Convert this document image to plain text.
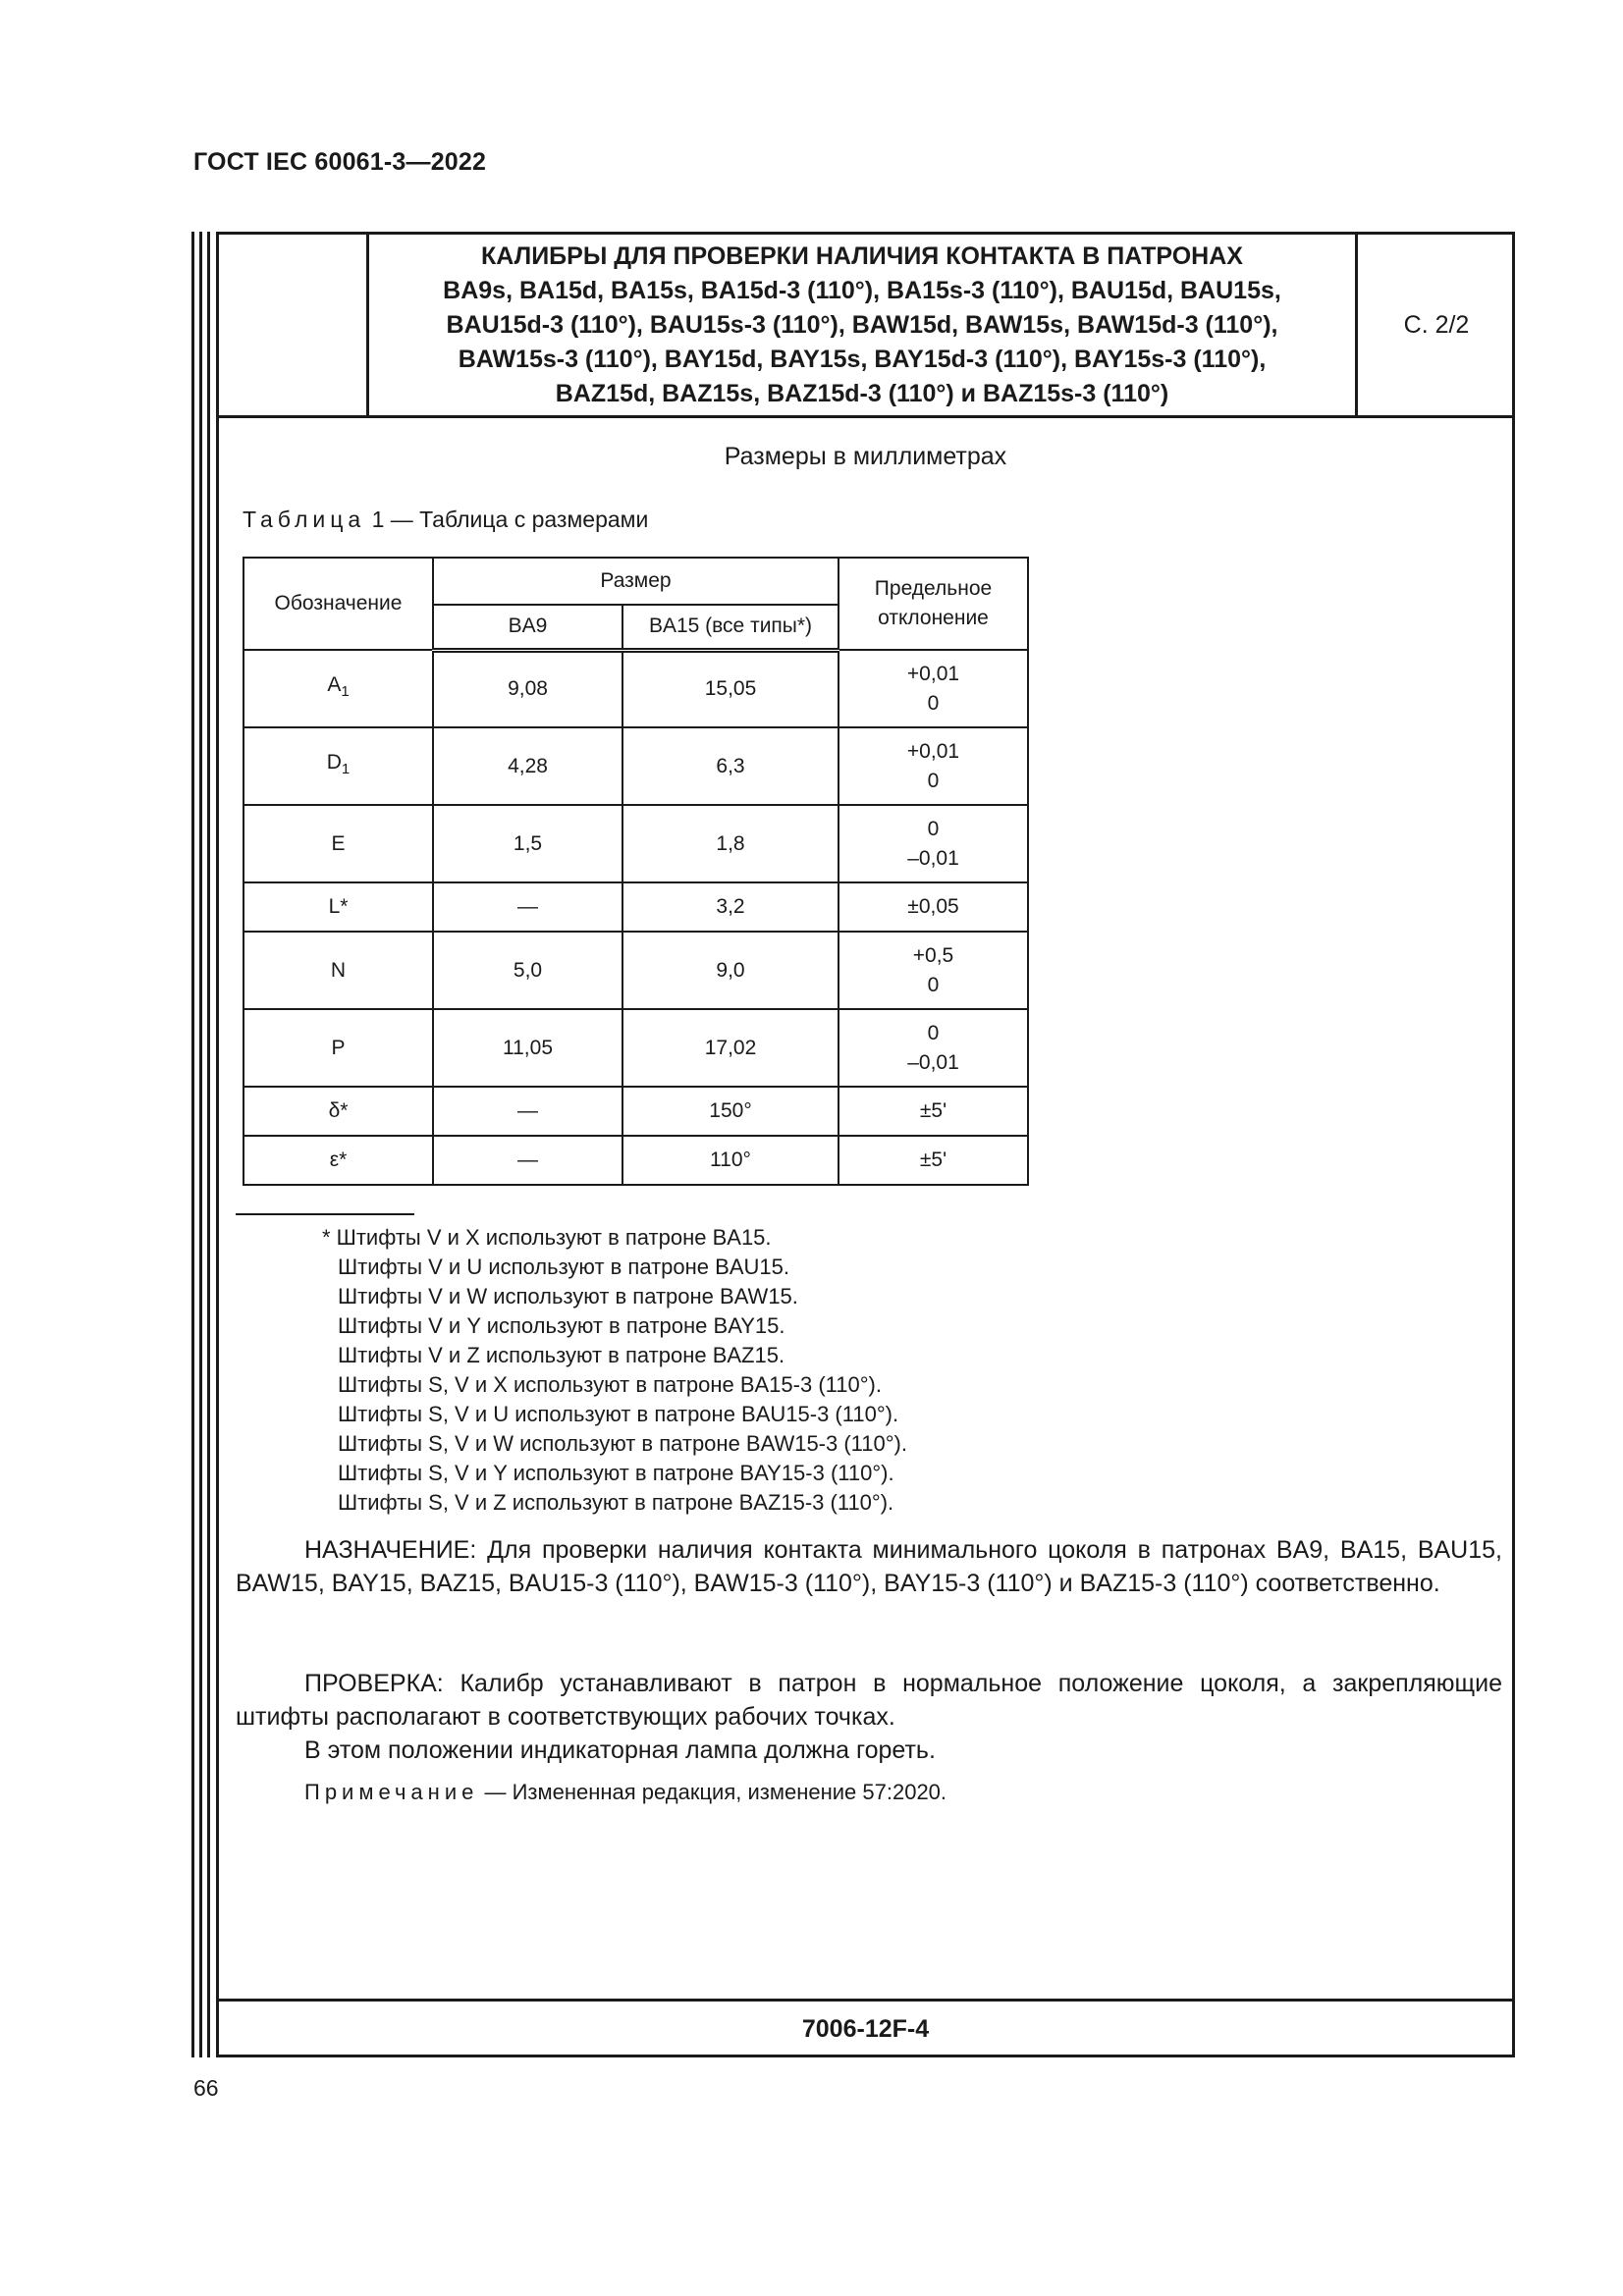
ГОСТ IEC 60061-3—2022
КАЛИБРЫ ДЛЯ ПРОВЕРКИ НАЛИЧИЯ КОНТАКТА В ПАТРОНАХ
BA9s, BA15d, BA15s, BA15d-3 (110°), BA15s-3 (110°), BAU15d, BAU15s,
BAU15d-3 (110°), BAU15s-3 (110°), BAW15d, BAW15s, BAW15d-3 (110°),
BAW15s-3 (110°), BAY15d, BAY15s, BAY15d-3 (110°), BAY15s-3 (110°),
BAZ15d, BAZ15s, BAZ15d-3 (110°) и BAZ15s-3 (110°)
С. 2/2
Размеры в миллиметрах
Таблица 1 — Таблица с размерами
Обозначение	Размер		Предельное отклонение
	BA9	BA15 (все типы*)	
$A_1$	9,08	15,05	+0,01
0

$D_1$	4,28	6,3	+0,01
0

E	1,5	1,8	0
–0,01

L*	—	3,2	±0,05

N	5,0	9,0	+0,5
0

P	11,05	17,02	0
–0,01

δ*	—	150°	±5'

ε*	—	110°	±5'
* Штифты V и X используют в патроне BA15.
Штифты V и U используют в патроне BAU15.
Штифты V и W используют в патроне BAW15.
Штифты V и Y используют в патроне BAY15.
Штифты V и Z используют в патроне BAZ15.
Штифты S, V и X используют в патроне BA15-3 (110°).
Штифты S, V и U используют в патроне BAU15-3 (110°).
Штифты S, V и W используют в патроне BAW15-3 (110°).
Штифты S, V и Y используют в патроне BAY15-3 (110°).
Штифты S, V и Z используют в патроне BAZ15-3 (110°).
НАЗНАЧЕНИЕ: Для проверки наличия контакта минимального цоколя в патронах BA9, BA15, BAU15, BAW15, BAY15, BAZ15, BAU15-3 (110°), BAW15-3 (110°), BAY15-3 (110°) и BAZ15-3 (110°) соответственно.
ПРОВЕРКА: Калибр устанавливают в патрон в нормальное положение цоколя, а закрепляющие штифты располагают в соответствующих рабочих точках.
В этом положении индикаторная лампа должна гореть.
Примечание — Измененная редакция, изменение 57:2020.
7006-12F-4
66
